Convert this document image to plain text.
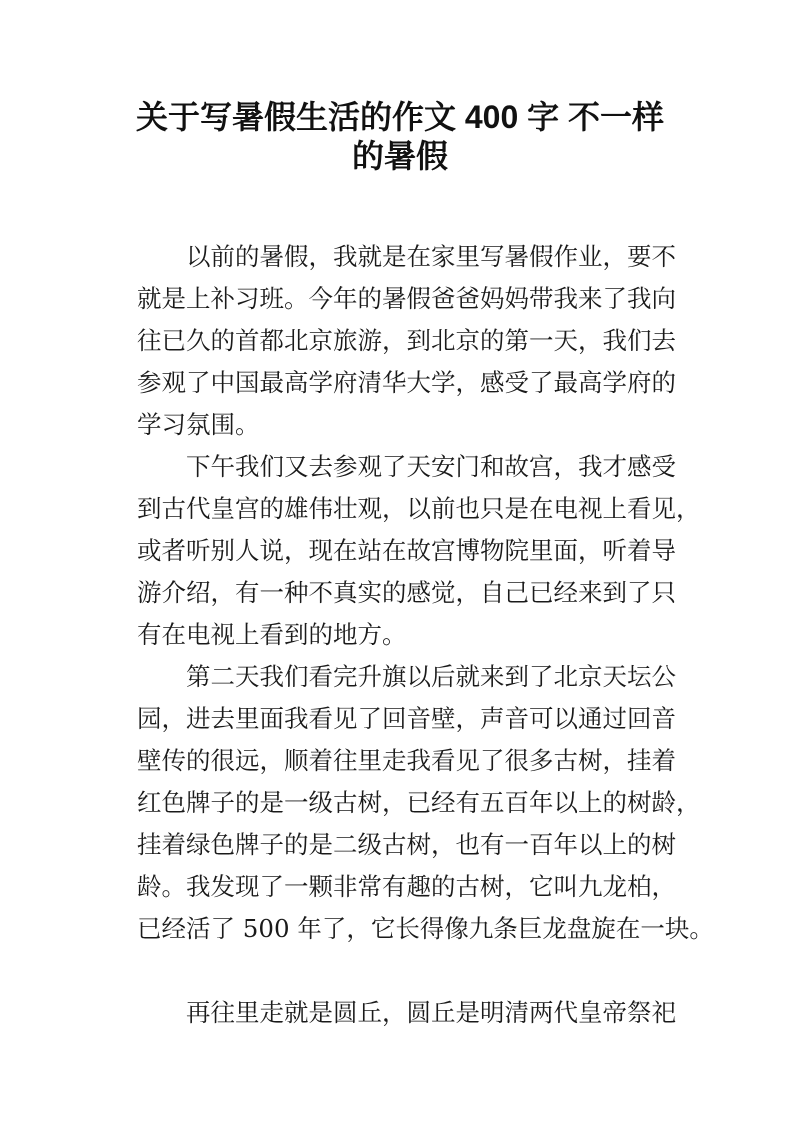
关于写暑假生活的作文 400 字 不一样
的暑假
以前的暑假，我就是在家里写暑假作业，要不
就是上补习班。今年的暑假爸爸妈妈带我来了我向
往已久的首都北京旅游，到北京的第一天，我们去
参观了中国最高学府清华大学，感受了最高学府的
学习氛围。
下午我们又去参观了天安门和故宫，我才感受
到古代皇宫的雄伟壮观，以前也只是在电视上看见，
或者听别人说，现在站在故宫博物院里面，听着导
游介绍，有一种不真实的感觉，自己已经来到了只
有在电视上看到的地方。
第二天我们看完升旗以后就来到了北京天坛公
园，进去里面我看见了回音壁，声音可以通过回音
壁传的很远，顺着往里走我看见了很多古树，挂着
红色牌子的是一级古树，已经有五百年以上的树龄，
挂着绿色牌子的是二级古树，也有一百年以上的树
龄。我发现了一颗非常有趣的古树，它叫九龙柏，
已经活了 500 年了，它长得像九条巨龙盘旋在一块。
再往里走就是圆丘，圆丘是明清两代皇帝祭祀
